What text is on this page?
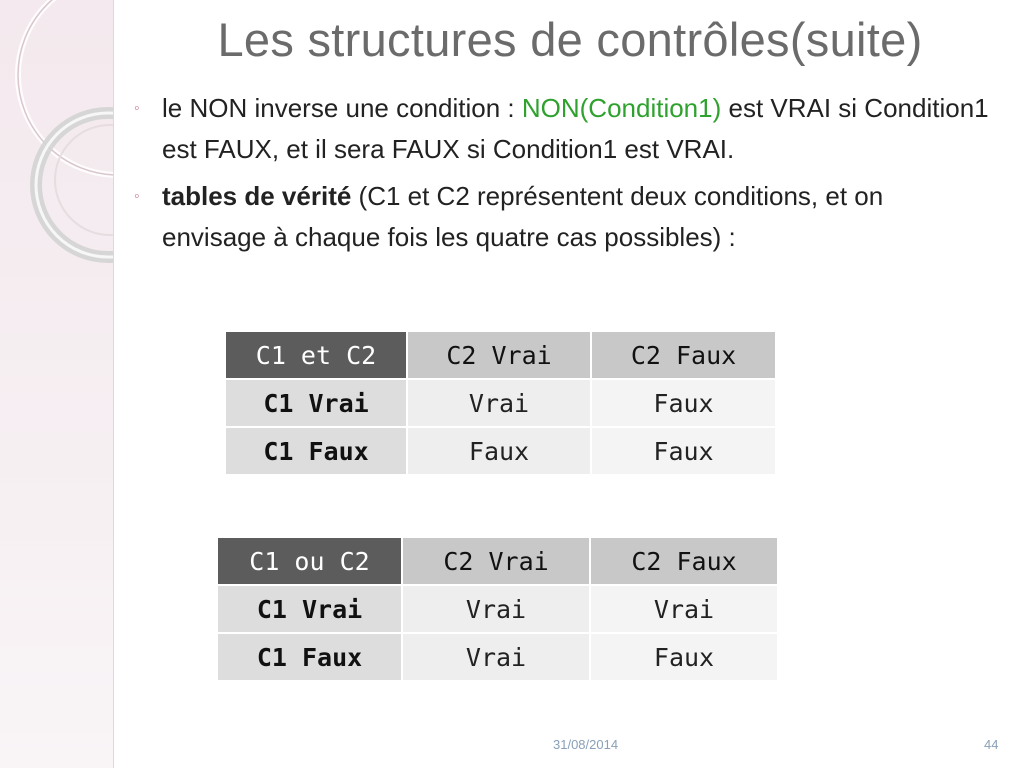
Les structures de contrôles(suite)
◦ le NON inverse une condition : NON(Condition1) est VRAI si Condition1 est FAUX, et il sera FAUX si Condition1 est VRAI.
◦ tables de vérité (C1 et C2 représentent deux conditions, et on envisage à chaque fois les quatre cas possibles) :
C1 et C2	C2 Vrai	C2 Faux
C1 Vrai	Vrai	Faux
C1 Faux	Faux	Faux
C1 ou C2	C2 Vrai	C2 Faux
C1 Vrai	Vrai	Vrai
C1 Faux	Vrai	Faux
31/08/2014	44
